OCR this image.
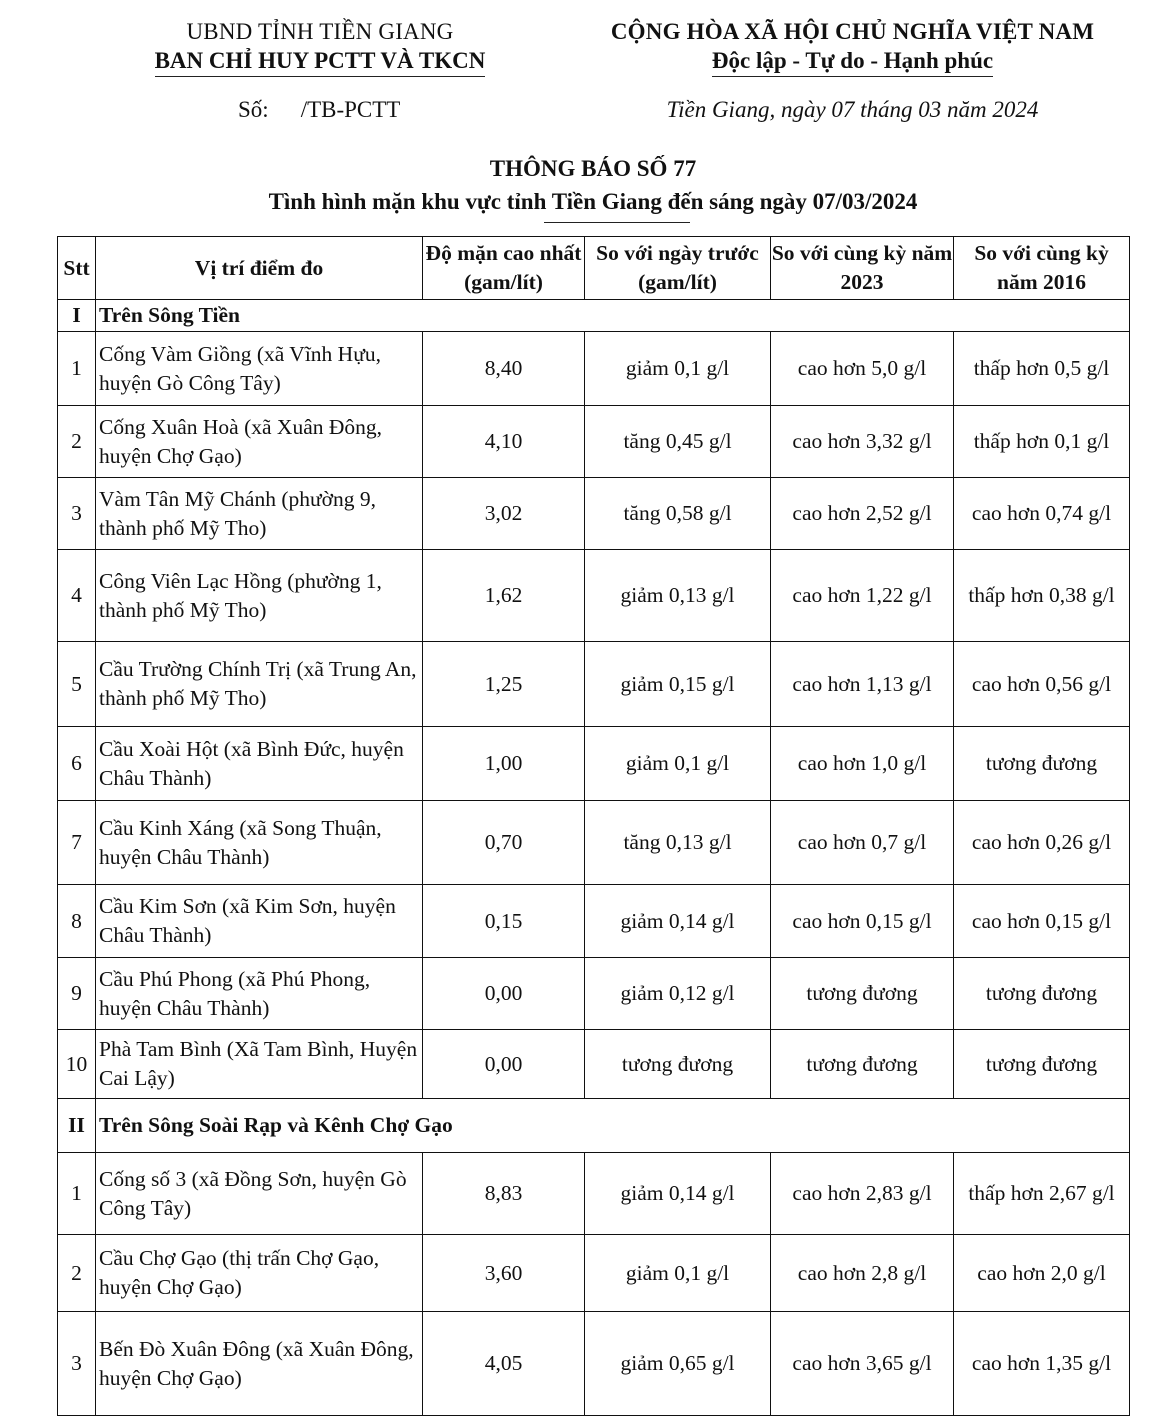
UBND TỈNH TIỀN GIANG
BAN CHỈ HUY PCTT VÀ TKCN
CỘNG HÒA XÃ HỘI CHỦ NGHĨA VIỆT NAM
Độc lập - Tự do - Hạnh phúc
Số: /TB-PCTT	Tiền Giang, ngày 07 tháng 03 năm 2024
THÔNG BÁO SỐ 77
Tình hình mặn khu vực tỉnh Tiền Giang đến sáng ngày 07/03/2024
Stt	Vị trí điểm đo	Độ mặn cao nhất (gam/lít)	So với ngày trước (gam/lít)	So với cùng kỳ năm 2023	So với cùng kỳ năm 2016
I	Trên Sông Tiền				
1	Cống Vàm Giồng (xã Vĩnh Hựu, huyện Gò Công Tây)	8,40	giảm 0,1 g/l	cao hơn 5,0 g/l	thấp hơn 0,5 g/l
2	Cống Xuân Hoà (xã Xuân Đông, huyện Chợ Gạo)	4,10	tăng 0,45 g/l	cao hơn 3,32 g/l	thấp hơn 0,1 g/l
3	Vàm Tân Mỹ Chánh (phường 9, thành phố Mỹ Tho)	3,02	tăng 0,58 g/l	cao hơn 2,52 g/l	cao hơn 0,74 g/l
4	Công Viên Lạc Hồng (phường 1, thành phố Mỹ Tho)	1,62	giảm 0,13 g/l	cao hơn 1,22 g/l	thấp hơn 0,38 g/l
5	Cầu Trường Chính Trị (xã Trung An, thành phố Mỹ Tho)	1,25	giảm 0,15 g/l	cao hơn 1,13 g/l	cao hơn 0,56 g/l
6	Cầu Xoài Hột (xã Bình Đức, huyện Châu Thành)	1,00	giảm 0,1 g/l	cao hơn 1,0 g/l	tương đương
7	Cầu Kinh Xáng (xã Song Thuận, huyện Châu Thành)	0,70	tăng 0,13 g/l	cao hơn 0,7 g/l	cao hơn 0,26 g/l
8	Cầu Kim Sơn (xã Kim Sơn, huyện Châu Thành)	0,15	giảm 0,14 g/l	cao hơn 0,15 g/l	cao hơn 0,15 g/l
9	Cầu Phú Phong (xã Phú Phong, huyện Châu Thành)	0,00	giảm 0,12 g/l	tương đương	tương đương
10	Phà Tam Bình (Xã Tam Bình, Huyện Cai Lậy)	0,00	tương đương	tương đương	tương đương
II	Trên Sông Soài Rạp và Kênh Chợ Gạo				
1	Cống số 3 (xã Đồng Sơn, huyện Gò Công Tây)	8,83	giảm 0,14 g/l	cao hơn 2,83 g/l	thấp hơn 2,67 g/l
2	Cầu Chợ Gạo (thị trấn Chợ Gạo, huyện Chợ Gạo)	3,60	giảm 0,1 g/l	cao hơn 2,8 g/l	cao hơn 2,0 g/l
3	Bến Đò Xuân Đông (xã Xuân Đông, huyện Chợ Gạo)	4,05	giảm 0,65 g/l	cao hơn 3,65 g/l	cao hơn 1,35 g/l
